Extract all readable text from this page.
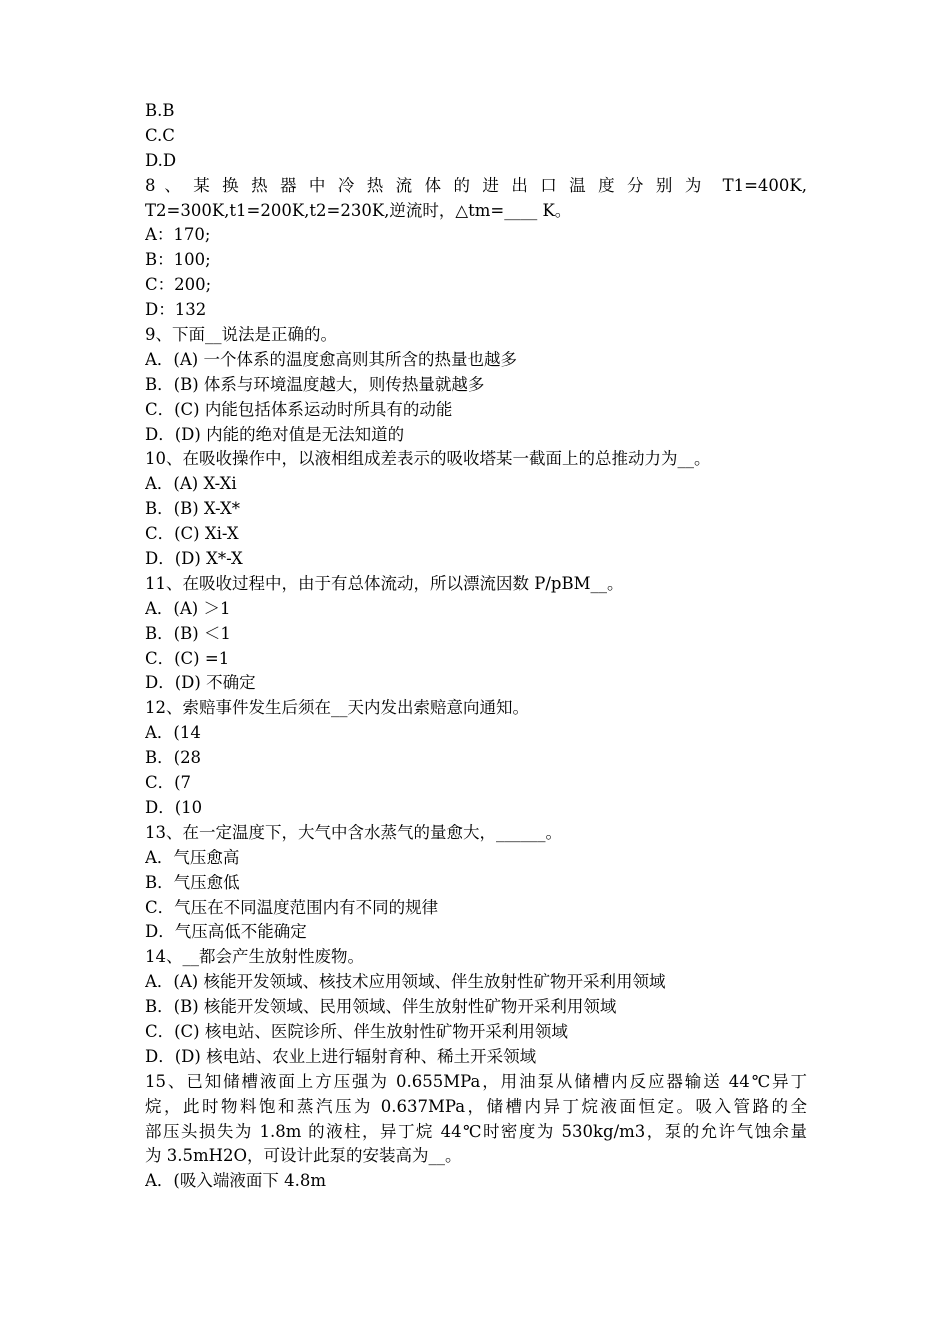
B.B
C.C
D.D
8 、 某 换 热 器 中 冷 热 流 体 的 进 出 口 温 度 分 别 为  T1=400K,
T2=300K,t1=200K,t2=230K,逆流时，△tm=____ K。
A：170;
B：100;
C：200;
D：132
9、下面__说法是正确的。
A．(A) 一个体系的温度愈高则其所含的热量也越多
B．(B) 体系与环境温度越大，则传热量就越多
C．(C) 内能包括体系运动时所具有的动能
D．(D) 内能的绝对值是无法知道的
10、在吸收操作中，以液相组成差表示的吸收塔某一截面上的总推动力为__。
A．(A) X-Xi
B．(B) X-X*
C．(C) Xi-X
D．(D) X*-X
11、在吸收过程中，由于有总体流动，所以漂流因数 P/pBM__。
A．(A) ＞1
B．(B) ＜1
C．(C) =1
D．(D) 不确定
12、索赔事件发生后须在__天内发出索赔意向通知。
A．(14
B．(28
C．(7
D．(10
13、在一定温度下，大气中含水蒸气的量愈大，______。
A．气压愈高
B．气压愈低
C．气压在不同温度范围内有不同的规律
D．气压高低不能确定
14、__都会产生放射性废物。
A．(A) 核能开发领域、核技术应用领域、伴生放射性矿物开采利用领域
B．(B) 核能开发领域、民用领域、伴生放射性矿物开采利用领域
C．(C) 核电站、医院诊所、伴生放射性矿物开采利用领域
D．(D) 核电站、农业上进行辐射育种、稀土开采领域
15、已知储槽液面上方压强为 0.655MPa，用油泵从储槽内反应器输送 44℃异丁
烷，此时物料饱和蒸汽压为 0.637MPa，储槽内异丁烷液面恒定。吸入管路的全
部压头损失为 1.8m 的液柱，异丁烷 44℃时密度为 530kg/m3，泵的允许气蚀余量
为 3.5mH2O，可设计此泵的安装高为__。
A．(吸入端液面下 4.8m
